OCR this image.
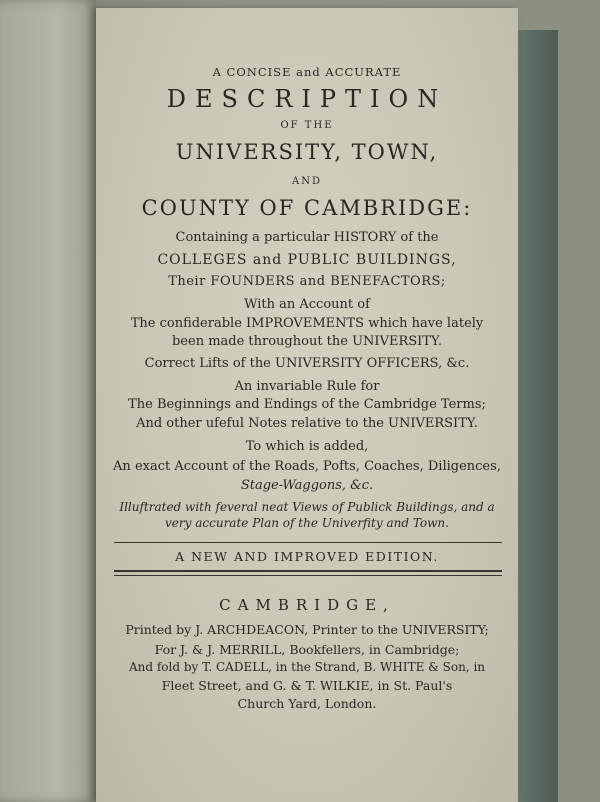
A CONCISE and ACCURATE
DESCRIPTION
OF THE
UNIVERSITY, TOWN,
AND
COUNTY OF CAMBRIDGE:
Containing a particular HISTORY of the
COLLEGES and PUBLIC BUILDINGS,
Their FOUNDERS and BENEFACTORS;
With an Account of
The confiderable IMPROVEMENTS which have lately
been made throughout the UNIVERSITY.
Correct Lifts of the UNIVERSITY OFFICERS, &c.
An invariable Rule for
The Beginnings and Endings of the Cambridge Terms;
And other ufeful Notes relative to the UNIVERSITY.
To which is added,
An exact Account of the Roads, Pofts, Coaches, Diligences,
Stage-Waggons, &c.
Illuftrated with feveral neat Views of Publick Buildings, and a
very accurate Plan of the Univerfity and Town.
A NEW AND IMPROVED EDITION.
CAMBRIDGE,
Printed by J. ARCHDEACON, Printer to the UNIVERSITY;
For J. & J. MERRILL, Bookfellers, in Cambridge;
And fold by T. CADELL, in the Strand, B. WHITE & Son, in
Fleet Street, and G. & T. WILKIE, in St. Paul's
Church Yard, London.
